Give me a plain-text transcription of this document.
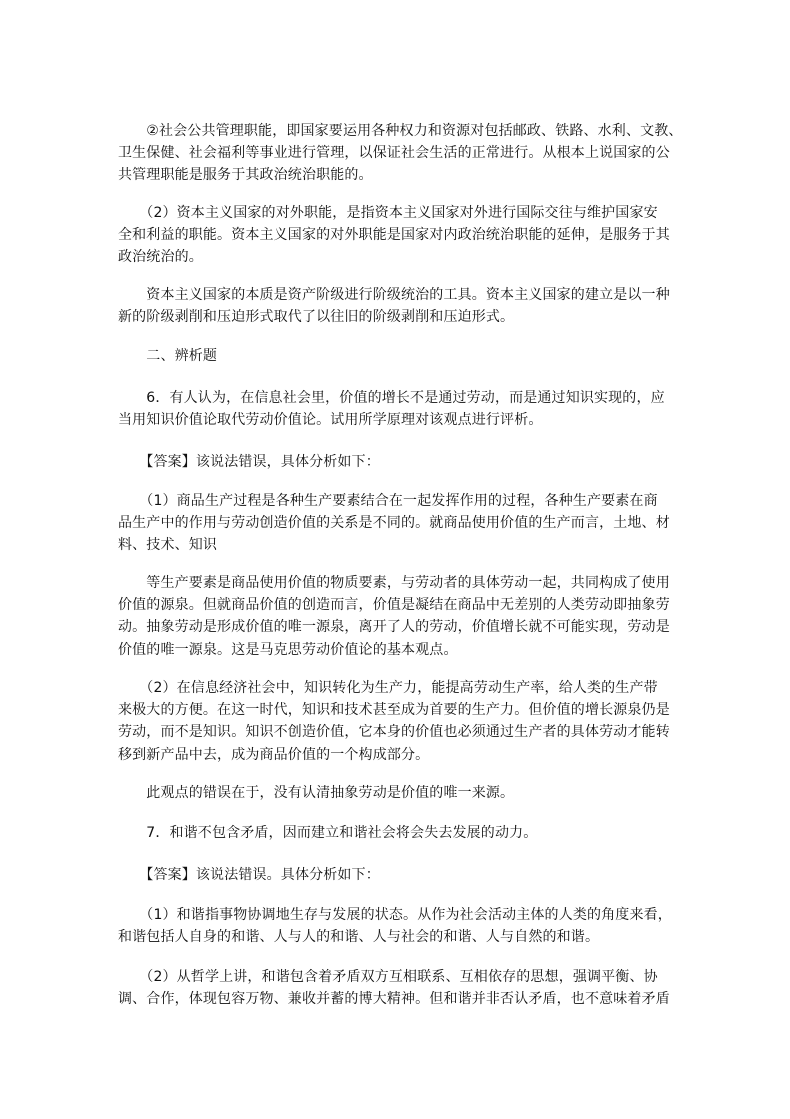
　　②社会公共管理职能，即国家要运用各种权力和资源对包括邮政、铁路、水利、文教、
卫生保健、社会福利等事业进行管理，以保证社会生活的正常进行。从根本上说国家的公
共管理职能是服务于其政治统治职能的。
　　（2）资本主义国家的对外职能，是指资本主义国家对外进行国际交往与维护国家安
全和利益的职能。资本主义国家的对外职能是国家对内政治统治职能的延伸，是服务于其
政治统治的。
　　资本主义国家的本质是资产阶级进行阶级统治的工具。资本主义国家的建立是以一种
新的阶级剥削和压迫形式取代了以往旧的阶级剥削和压迫形式。
　　二、辨析题
　　6．有人认为，在信息社会里，价值的增长不是通过劳动，而是通过知识实现的，应
当用知识价值论取代劳动价值论。试用所学原理对该观点进行评析。
　　【答案】该说法错误，具体分析如下：
　　（1）商品生产过程是各种生产要素结合在一起发挥作用的过程，各种生产要素在商
品生产中的作用与劳动创造价值的关系是不同的。就商品使用价值的生产而言，土地、材
料、技术、知识
　　等生产要素是商品使用价值的物质要素，与劳动者的具体劳动一起，共同构成了使用
价值的源泉。但就商品价值的创造而言，价值是凝结在商品中无差别的人类劳动即抽象劳
动。抽象劳动是形成价值的唯一源泉，离开了人的劳动，价值增长就不可能实现，劳动是
价值的唯一源泉。这是马克思劳动价值论的基本观点。
　　（2）在信息经济社会中，知识转化为生产力，能提高劳动生产率，给人类的生产带
来极大的方便。在这一时代，知识和技术甚至成为首要的生产力。但价值的增长源泉仍是
劳动，而不是知识。知识不创造价值，它本身的价值也必须通过生产者的具体劳动才能转
移到新产品中去，成为商品价值的一个构成部分。
　　此观点的错误在于，没有认清抽象劳动是价值的唯一来源。
　　7．和谐不包含矛盾，因而建立和谐社会将会失去发展的动力。
　　【答案】该说法错误。具体分析如下：
　　（1）和谐指事物协调地生存与发展的状态。从作为社会活动主体的人类的角度来看，
和谐包括人自身的和谐、人与人的和谐、人与社会的和谐、人与自然的和谐。
　　（2）从哲学上讲，和谐包含着矛盾双方互相联系、互相依存的思想，强调平衡、协
调、合作，体现包容万物、兼收并蓄的博大精神。但和谐并非否认矛盾，也不意味着矛盾
